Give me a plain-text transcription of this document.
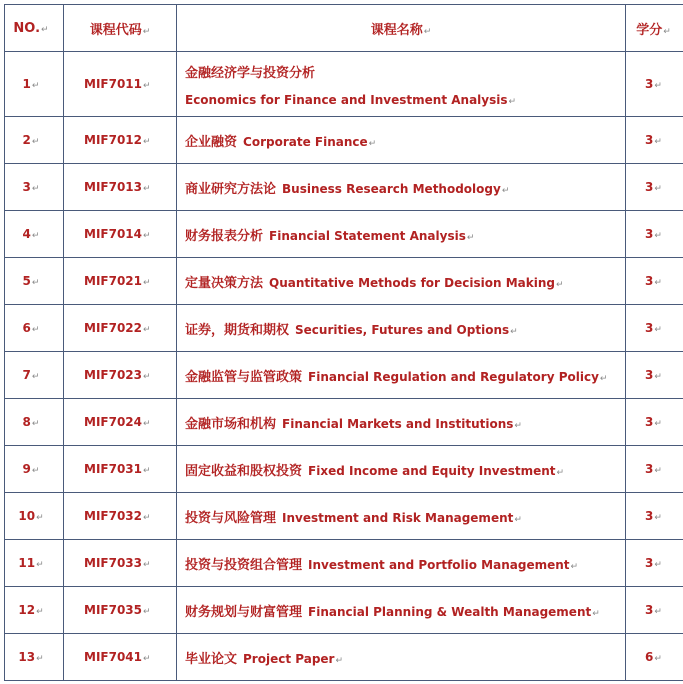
NO.↵	课程代码↵	课程名称↵	学分↵
1↵	MIF7011↵	金融经济学与投资分析
Economics for Finance and Investment Analysis↵	3↵
2↵	MIF7012↵	企业融资 Corporate Finance↵	3↵
3↵	MIF7013↵	商业研究方法论 Business Research Methodology↵	3↵
4↵	MIF7014↵	财务报表分析 Financial Statement Analysis↵	3↵
5↵	MIF7021↵	定量决策方法 Quantitative Methods for Decision Making↵	3↵
6↵	MIF7022↵	证券，期货和期权 Securities, Futures and Options↵	3↵
7↵	MIF7023↵	金融监管与监管政策 Financial Regulation and Regulatory Policy↵	3↵
8↵	MIF7024↵	金融市场和机构 Financial Markets and Institutions↵	3↵
9↵	MIF7031↵	固定收益和股权投资 Fixed Income and Equity Investment↵	3↵
10↵	MIF7032↵	投资与风险管理 Investment and Risk Management↵	3↵
11↵	MIF7033↵	投资与投资组合管理 Investment and Portfolio Management↵	3↵
12↵	MIF7035↵	财务规划与财富管理 Financial Planning & Wealth Management↵	3↵
13↵	MIF7041↵	毕业论文 Project Paper↵	6↵
